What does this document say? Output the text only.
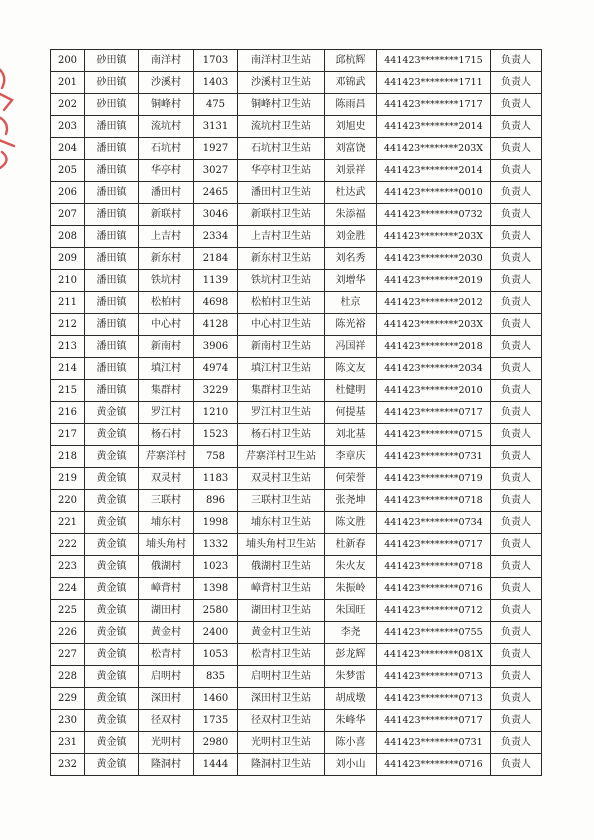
200	砂田镇	南洋村	1703	南洋村卫生站	邱杭辉	441423********1715	负责人
201	砂田镇	沙溪村	1403	沙溪村卫生站	邓锦武	441423********1711	负责人
202	砂田镇	铜峰村	475	铜峰村卫生站	陈雨昌	441423********1717	负责人
203	潘田镇	流坑村	3131	流坑村卫生站	刘旭史	441423********2014	负责人
204	潘田镇	石坑村	1927	石坑村卫生站	刘富饶	441423********203X	负责人
205	潘田镇	华亭村	3027	华亭村卫生站	刘景祥	441423********2014	负责人
206	潘田镇	潘田村	2465	潘田村卫生站	杜达武	441423********0010	负责人
207	潘田镇	新联村	3046	新联村卫生站	朱添福	441423********0732	负责人
208	潘田镇	上吉村	2334	上吉村卫生站	刘金胜	441423********203X	负责人
209	潘田镇	新东村	2184	新东村卫生站	刘名秀	441423********2030	负责人
210	潘田镇	铁坑村	1139	铁坑村卫生站	刘增华	441423********2019	负责人
211	潘田镇	松柏村	4698	松柏村卫生站	杜京	441423********2012	负责人
212	潘田镇	中心村	4128	中心村卫生站	陈光裕	441423********203X	负责人
213	潘田镇	新南村	3906	新南村卫生站	冯国祥	441423********2018	负责人
214	潘田镇	填江村	4974	填江村卫生站	陈文友	441423********2034	负责人
215	潘田镇	集群村	3229	集群村卫生站	杜健明	441423********2010	负责人
216	黄金镇	罗江村	1210	罗江村卫生站	何提基	441423********0717	负责人
217	黄金镇	杨石村	1523	杨石村卫生站	刘北基	441423********0715	负责人
218	黄金镇	芹寨洋村	758	芹寨洋村卫生站	李章庆	441423********0731	负责人
219	黄金镇	双灵村	1183	双灵村卫生站	何荣誉	441423********0719	负责人
220	黄金镇	三联村	896	三联村卫生站	张尧坤	441423********0718	负责人
221	黄金镇	埔东村	1998	埔东村卫生站	陈文胜	441423********0734	负责人
222	黄金镇	埔头角村	1332	埔头角村卫生站	杜新春	441423********0717	负责人
223	黄金镇	俄湖村	1023	俄湖村卫生站	朱火友	441423********0718	负责人
224	黄金镇	嶂背村	1398	嶂背村卫生站	朱振岭	441423********0716	负责人
225	黄金镇	湖田村	2580	湖田村卫生站	朱国旺	441423********0712	负责人
226	黄金镇	黄金村	2400	黄金村卫生站	李尧	441423********0755	负责人
227	黄金镇	松青村	1053	松青村卫生站	彭龙辉	441423********081X	负责人
228	黄金镇	启明村	835	启明村卫生站	朱梦雷	441423********0713	负责人
229	黄金镇	深田村	1460	深田村卫生站	胡成墩	441423********0713	负责人
230	黄金镇	径双村	1735	径双村卫生站	朱峰华	441423********0717	负责人
231	黄金镇	光明村	2980	光明村卫生站	陈小喜	441423********0731	负责人
232	黄金镇	隆洞村	1444	隆洞村卫生站	刘小山	441423********0716	负责人
